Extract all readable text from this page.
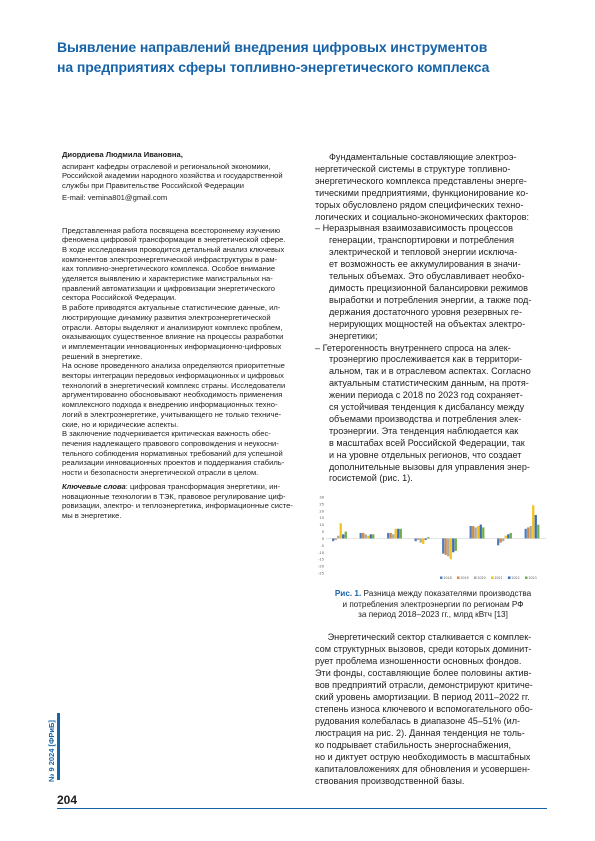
Выявление направлений внедрения цифровых инструментов
на предприятиях сферы топливно-энергетического комплекса
Диордиева Людмила Ивановна,
аспирант кафедры отраслевой и региональной экономики,
Российской академии народного хозяйства и государственной
службы при Правительстве Российской Федерации
E-mail: vemina801@gmail.com
Представленная работа посвящена всестороннему изучению
феномена цифровой трансформации в энергетической сфере.
В ходе исследования проводится детальный анализ ключевых
компонентов электроэнергетической инфраструктуры в рам-
ках топливно-энергетического комплекса. Особое внимание
уделяется выявлению и характеристике магистральных на-
правлений автоматизации и цифровизации энергетического
сектора Российской Федерации.
В работе приводятся актуальные статистические данные, ил-
люстрирующие динамику развития электроэнергетической
отрасли. Авторы выделяют и анализируют комплекс проблем,
оказывающих существенное влияние на процессы разработки
и имплементации инновационных информационно-цифровых
решений в энергетике.
На основе проведенного анализа определяются приоритетные
векторы интеграции передовых информационных и цифровых
технологий в энергетический комплекс страны. Исследователи
аргументированно обосновывают необходимость применения
комплексного подхода к внедрению информационных техно-
логий в электроэнергетике, учитывающего не только техниче-
ские, но и юридические аспекты.
В заключение подчеркивается критическая важность обес-
печения надлежащего правового сопровождения и неукосни-
тельного соблюдения нормативных требований для успешной
реализации инновационных проектов и поддержания стабиль-
ности и безопасности энергетической отрасли в целом.
Ключевые слова: цифровая трансформация энергетики, ин-
новационные технологии в ТЭК, правовое регулирование циф-
ровизации, электро- и теплоэнергетика, информационные систе-
мы в энергетике.
Фундаментальные составляющие электроэ-
нергетической системы в структуре топливно-
энергетического комплекса представлены энерге-
тическими предприятиями, функционирование ко-
торых обусловлено рядом специфических техно-
логических и социально-экономических факторов:
– Неразрывная взаимозависимость процессов
генерации, транспортировки и потребления
электрической и тепловой энергии исключа-
ет возможность ее аккумулирования в значи-
тельных объемах. Это обуславливает необхо-
димость прецизионной балансировки режимов
выработки и потребления энергии, а также под-
держания достаточного уровня резервных ге-
нерирующих мощностей на объектах электро-
энергетики;
– Гетерогенность внутреннего спроса на элек-
троэнергию прослеживается как в территори-
альном, так и в отраслевом аспектах. Согласно
актуальным статистическим данным, на протя-
жении периода с 2018 по 2023 год сохраняет-
ся устойчивая тенденция к дисбалансу между
объемами производства и потребления элек-
троэнергии. Эта тенденция наблюдается как
в масштабах всей Российской Федерации, так
и на уровне отдельных регионов, что создает
дополнительные вызовы для управления энер-
госистемой (рис. 1).
30
25
20
15
10
5
0
-5
-10
-15
-20
-25
2018	2019	2020	2021	2022	2023
Рис. 1. Разница между показателями производства
и потребления электроэнергии по регионам РФ
за период 2018–2023 гг., млрд кВтч [13]
Энергетический сектор сталкивается с комплек-
сом структурных вызовов, среди которых доминит-
рует проблема изношенности основных фондов.
Эти фонды, составляющие более половины актив-
вов предприятий отрасли, демонстрируют критиче-
ский уровень амортизации. В период 2011–2022 гг.
степень износа ключевого и вспомогательного обо-
рудования колебалась в диапазоне 45–51% (ил-
люстрация на рис. 2). Данная тенденция не толь-
ко подрывает стабильность энергоснабжения,
но и диктует острую необходимость в масштабных
капиталовложениях для обновления и усовершен-
ствования производственной базы.
№ 9 2024 [ФРиБ]
204
